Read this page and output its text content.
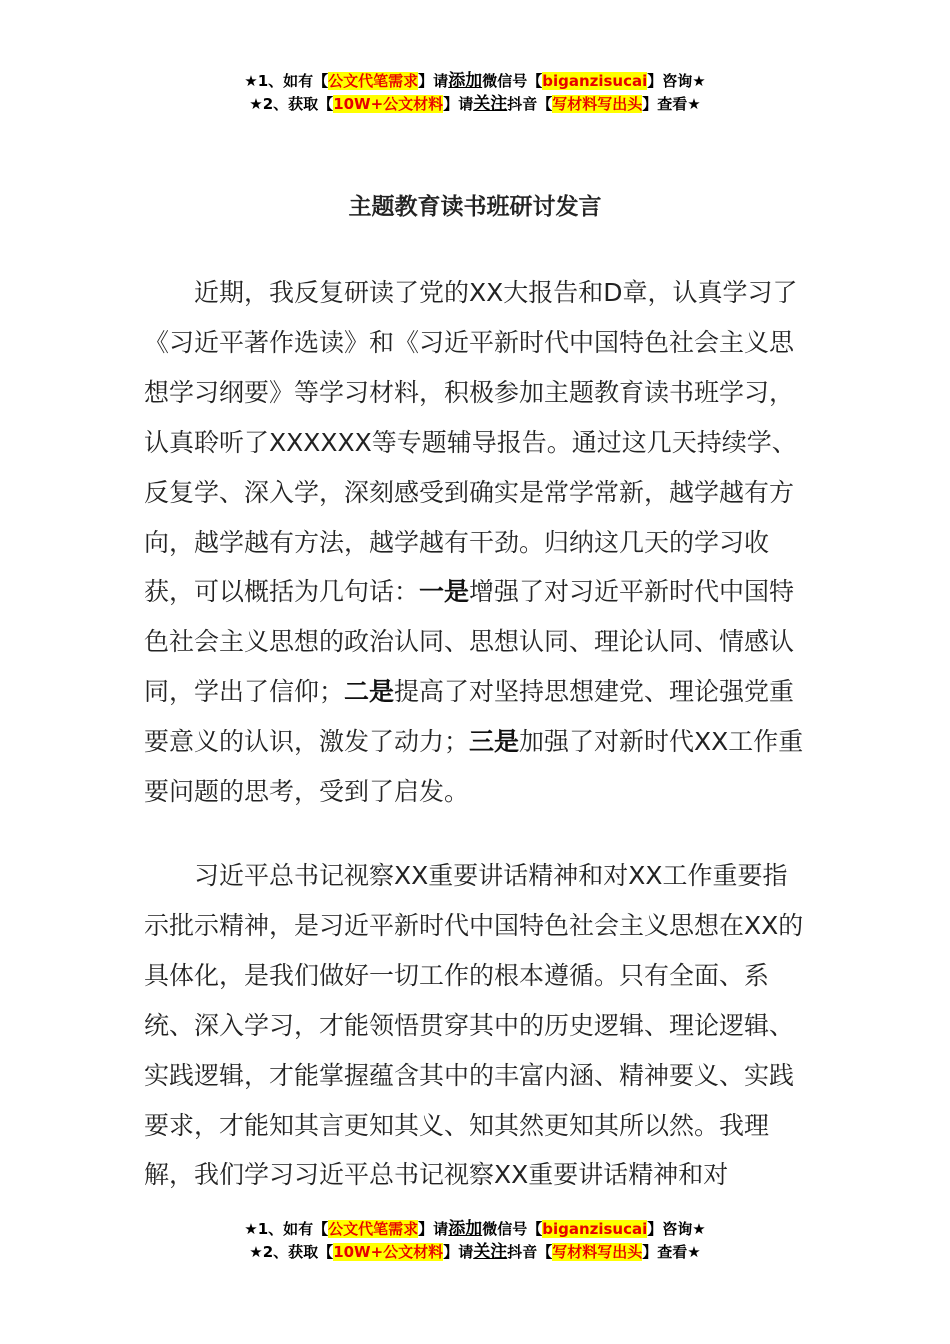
★1、如有【公文代笔需求】请添加微信号【biganzisucai】咨询★
★2、获取【10W+公文材料】请关注抖音【写材料写出头】查看★
主题教育读书班研讨发言

近期，我反复研读了党的XX大报告和D章，认真学习了《习近平著作选读》和《习近平新时代中国特色社会主义思想学习纲要》等学习材料，积极参加主题教育读书班学习，认真聆听了XXXXXX等专题辅导报告。通过这几天持续学、反复学、深入学，深刻感受到确实是常学常新，越学越有方向，越学越有方法，越学越有干劲。归纳这几天的学习收获，可以概括为几句话：一是增强了对习近平新时代中国特色社会主义思想的政治认同、思想认同、理论认同、情感认同，学出了信仰；二是提高了对坚持思想建党、理论强党重要意义的认识，激发了动力；三是加强了对新时代XX工作重要问题的思考，受到了启发。

习近平总书记视察XX重要讲话精神和对XX工作重要指示批示精神，是习近平新时代中国特色社会主义思想在XX的具体化，是我们做好一切工作的根本遵循。只有全面、系统、深入学习，才能领悟贯穿其中的历史逻辑、理论逻辑、实践逻辑，才能掌握蕴含其中的丰富内涵、精神要义、实践要求，才能知其言更知其义、知其然更知其所以然。我理解，我们学习习近平总书记视察XX重要讲话精神和对

★1、如有【公文代笔需求】请添加微信号【biganzisucai】咨询★
★2、获取【10W+公文材料】请关注抖音【写材料写出头】查看★
